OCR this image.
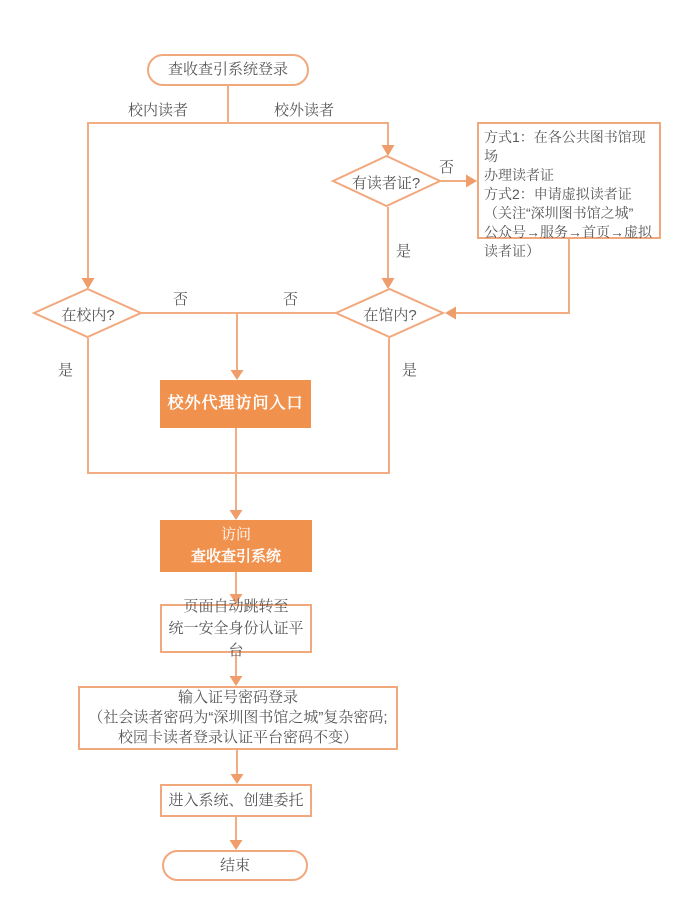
查收查引系统登录
校内读者	校外读者
有读者证?
否
是
方式1：在各公共图书馆现场
办理读者证
方式2：申请虚拟读者证
（关注“深圳图书馆之城”
公众号→服务→首页→虚拟
读者证）
在校内?
否
是
在馆内?
否
是
校外代理访问入口
访问
查收查引系统
页面自动跳转至
统一安全身份认证平台
输入证号密码登录
（社会读者密码为“深圳图书馆之城”复杂密码;
校园卡读者登录认证平台密码不变）
进入系统、创建委托
结束
